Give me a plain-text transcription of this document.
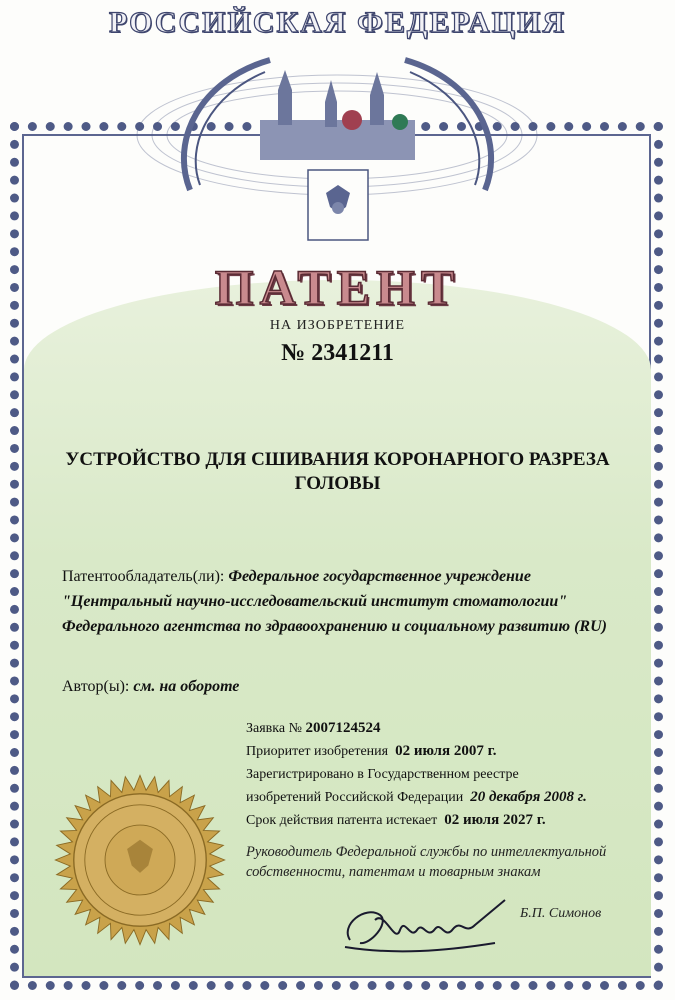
РОССИЙСКАЯ ФЕДЕРАЦИЯ
ПАТЕНТ
НА ИЗОБРЕТЕНИЕ
№ 2341211
УСТРОЙСТВО ДЛЯ СШИВАНИЯ КОРОНАРНОГО РАЗРЕЗА ГОЛОВЫ
Патентообладатель(ли): Федеральное государственное учреждение "Центральный научно-исследовательский институт стоматологии" Федерального агентства по здравоохранению и социальному развитию (RU)
Автор(ы): см. на обороте
Заявка № 2007124524
Приоритет изобретения 02 июля 2007 г.
Зарегистрировано в Государственном реестре
изобретений Российской Федерации 20 декабря 2008 г.
Срок действия патента истекает 02 июля 2027 г.
Руководитель Федеральной службы по интеллектуальной собственности, патентам и товарным знакам
Б.П. Симонов
